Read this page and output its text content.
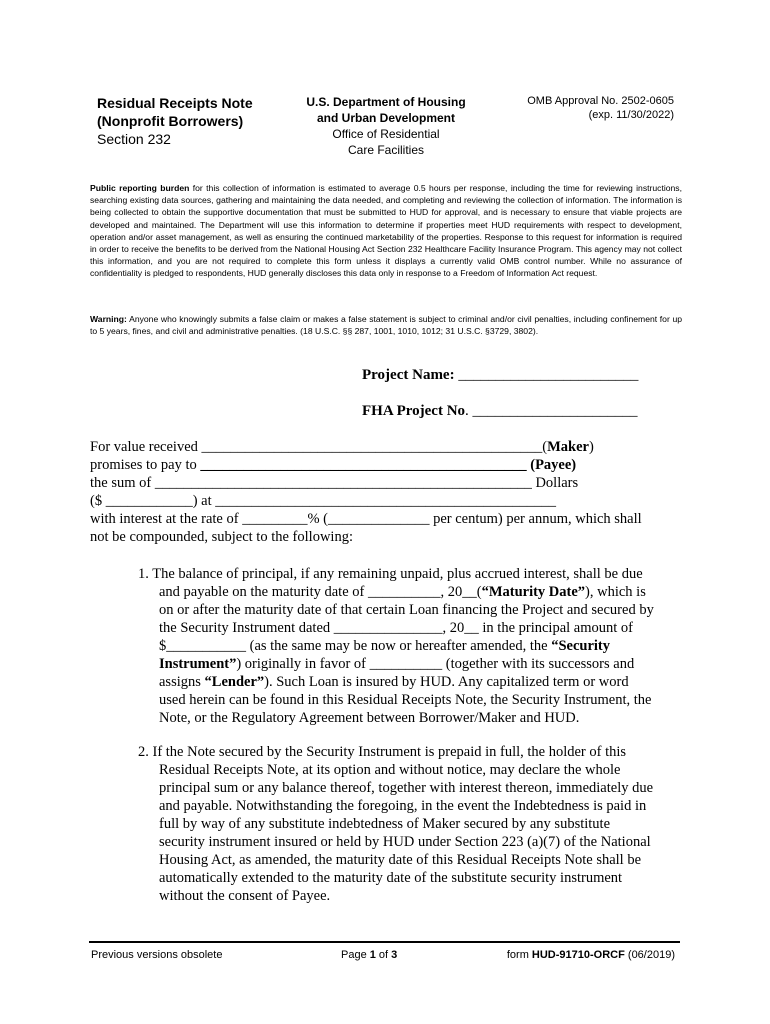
Residual Receipts Note
(Nonprofit Borrowers)
Section 232
U.S. Department of Housing
and Urban Development
Office of Residential
Care Facilities
OMB Approval No. 2502-0605
(exp. 11/30/2022)
Public reporting burden for this collection of information is estimated to average 0.5 hours per response, including the time for reviewing instructions, searching existing data sources, gathering and maintaining the data needed, and completing and reviewing the collection of information. The information is being collected to obtain the supportive documentation that must be submitted to HUD for approval, and is necessary to ensure that viable projects are developed and maintained. The Department will use this information to determine if properties meet HUD requirements with respect to development, operation and/or asset management, as well as ensuring the continued marketability of the properties. Response to this request for information is required in order to receive the benefits to be derived from the National Housing Act Section 232 Healthcare Facility Insurance Program. This agency may not collect this information, and you are not required to complete this form unless it displays a currently valid OMB control number. While no assurance of confidentiality is pledged to respondents, HUD generally discloses this data only in response to a Freedom of Information Act request.
Warning: Anyone who knowingly submits a false claim or makes a false statement is subject to criminal and/or civil penalties, including confinement for up to 5 years, fines, and civil and administrative penalties. (18 U.S.C. §§ 287, 1001, 1010, 1012; 31 U.S.C. §3729, 3802).
Project Name: ________________________
FHA Project No. ______________________
For value received _______________________________________________(Maker)
promises to pay to _____________________________________________ (Payee)
the sum of ____________________________________________________ Dollars
($ ____________) at _______________________________________________
with interest at the rate of _________% (______________ per centum) per annum, which shall
not be compounded, subject to the following:
1. The balance of principal, if any remaining unpaid, plus accrued interest, shall be due
and payable on the maturity date of __________, 20__(“Maturity Date”), which is
on or after the maturity date of that certain Loan financing the Project and secured by
the Security Instrument dated _______________, 20__ in the principal amount of
$___________ (as the same may be now or hereafter amended, the “Security
Instrument”) originally in favor of __________ (together with its successors and
assigns “Lender”). Such Loan is insured by HUD. Any capitalized term or word
used herein can be found in this Residual Receipts Note, the Security Instrument, the
Note, or the Regulatory Agreement between Borrower/Maker and HUD.
2. If the Note secured by the Security Instrument is prepaid in full, the holder of this
Residual Receipts Note, at its option and without notice, may declare the whole
principal sum or any balance thereof, together with interest thereon, immediately due
and payable. Notwithstanding the foregoing, in the event the Indebtedness is paid in
full by way of any substitute indebtedness of Maker secured by any substitute
security instrument insured or held by HUD under Section 223 (a)(7) of the National
Housing Act, as amended, the maturity date of this Residual Receipts Note shall be
automatically extended to the maturity date of the substitute security instrument
without the consent of Payee.
Previous versions obsolete	Page 1 of 3	form HUD-91710-ORCF (06/2019)
